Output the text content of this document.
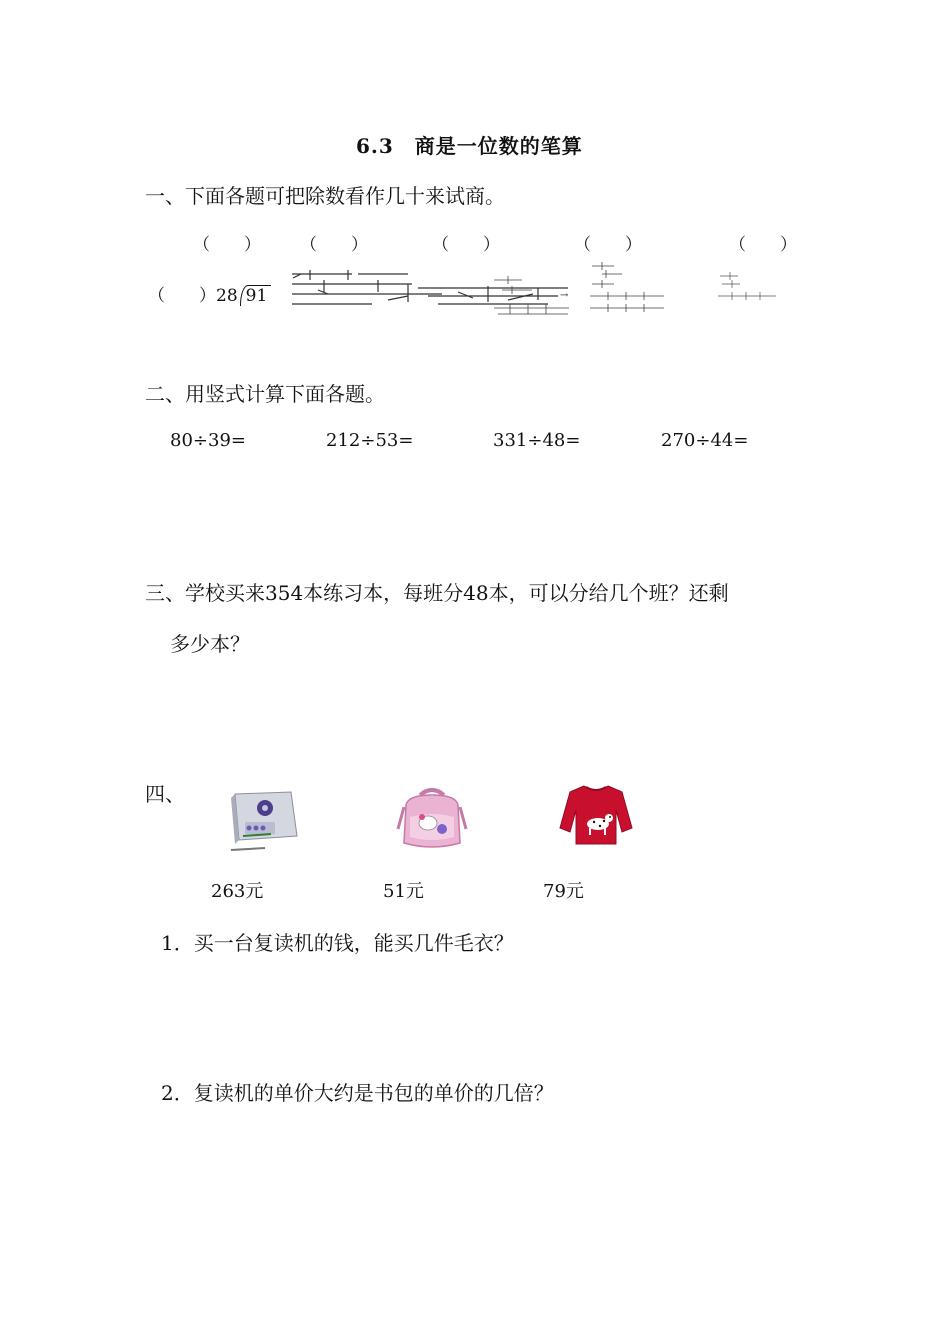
6.3　商是一位数的笔算
一、下面各题可把除数看作几十来试商。
（　　） （　　）	（　　）	（　　）	（　　）
（　　）28 91	→
二、用竖式计算下面各题。
80÷39=	212÷53=	331÷48=	270÷44=
三、学校买来354本练习本，每班分48本，可以分给几个班？还剩
多少本？
四、
263元	51元	79元
1．买一台复读机的钱，能买几件毛衣？
2．复读机的单价大约是书包的单价的几倍？
